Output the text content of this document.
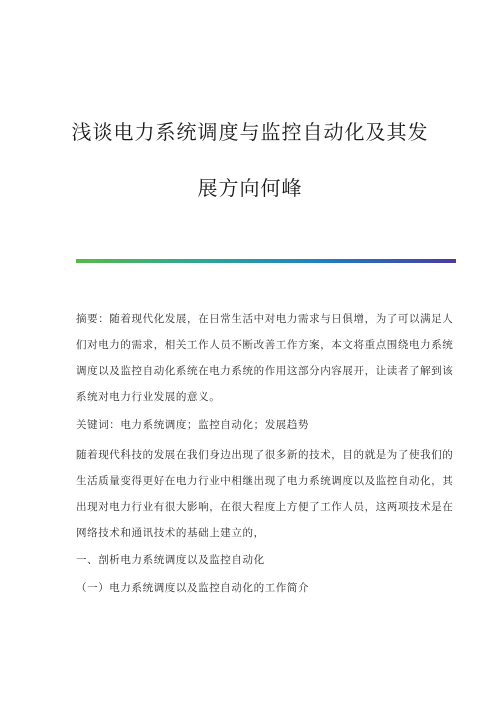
浅谈电力系统调度与监控自动化及其发
展方向何峰
摘要：随着现代化发展，在日常生活中对电力需求与日俱增，为了可以满足人
们对电力的需求，相关工作人员不断改善工作方案，本文将重点围绕电力系统
调度以及监控自动化系统在电力系统的作用这部分内容展开，让读者了解到该
系统对电力行业发展的意义。
关键词：电力系统调度；监控自动化；发展趋势
随着现代科技的发展在我们身边出现了很多新的技术，目的就是为了使我们的
生活质量变得更好在电力行业中相继出现了电力系统调度以及监控自动化，其
出现对电力行业有很大影响，在很大程度上方便了工作人员，这两项技术是在
网络技术和通讯技术的基础上建立的，
一、剖析电力系统调度以及监控自动化
（一）电力系统调度以及监控自动化的工作简介
